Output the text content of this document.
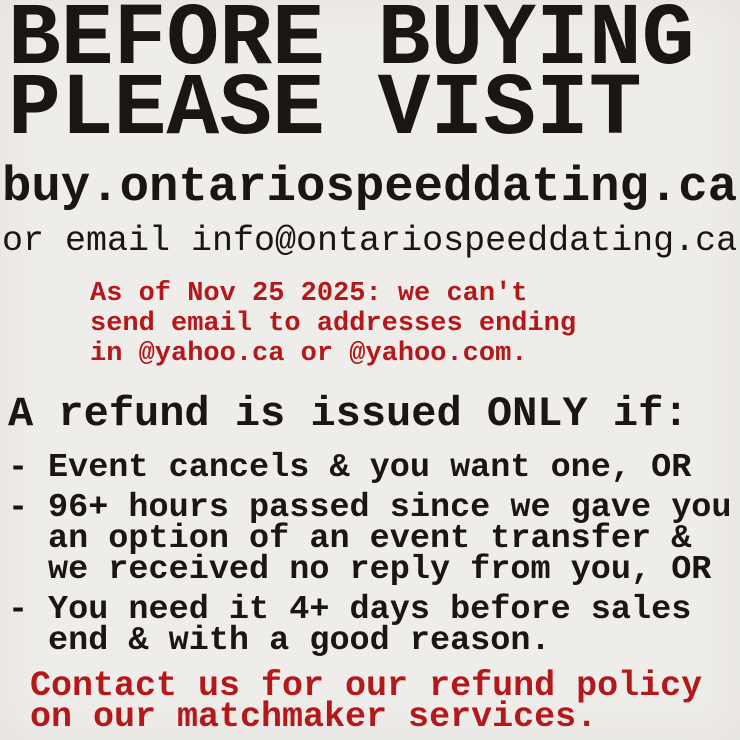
BEFORE BUYING
PLEASE VISIT
buy.ontariospeeddating.ca
or email info@ontariospeeddating.ca
As of Nov 25 2025: we can't
send email to addresses ending
in @yahoo.ca or @yahoo.com.
A refund is issued ONLY if:
- Event cancels & you want one, OR
- 96+ hours passed since we gave you
an option of an event transfer &
we received no reply from you, OR
- You need it 4+ days before sales
end & with a good reason.
Contact us for our refund policy
on our matchmaker services.
